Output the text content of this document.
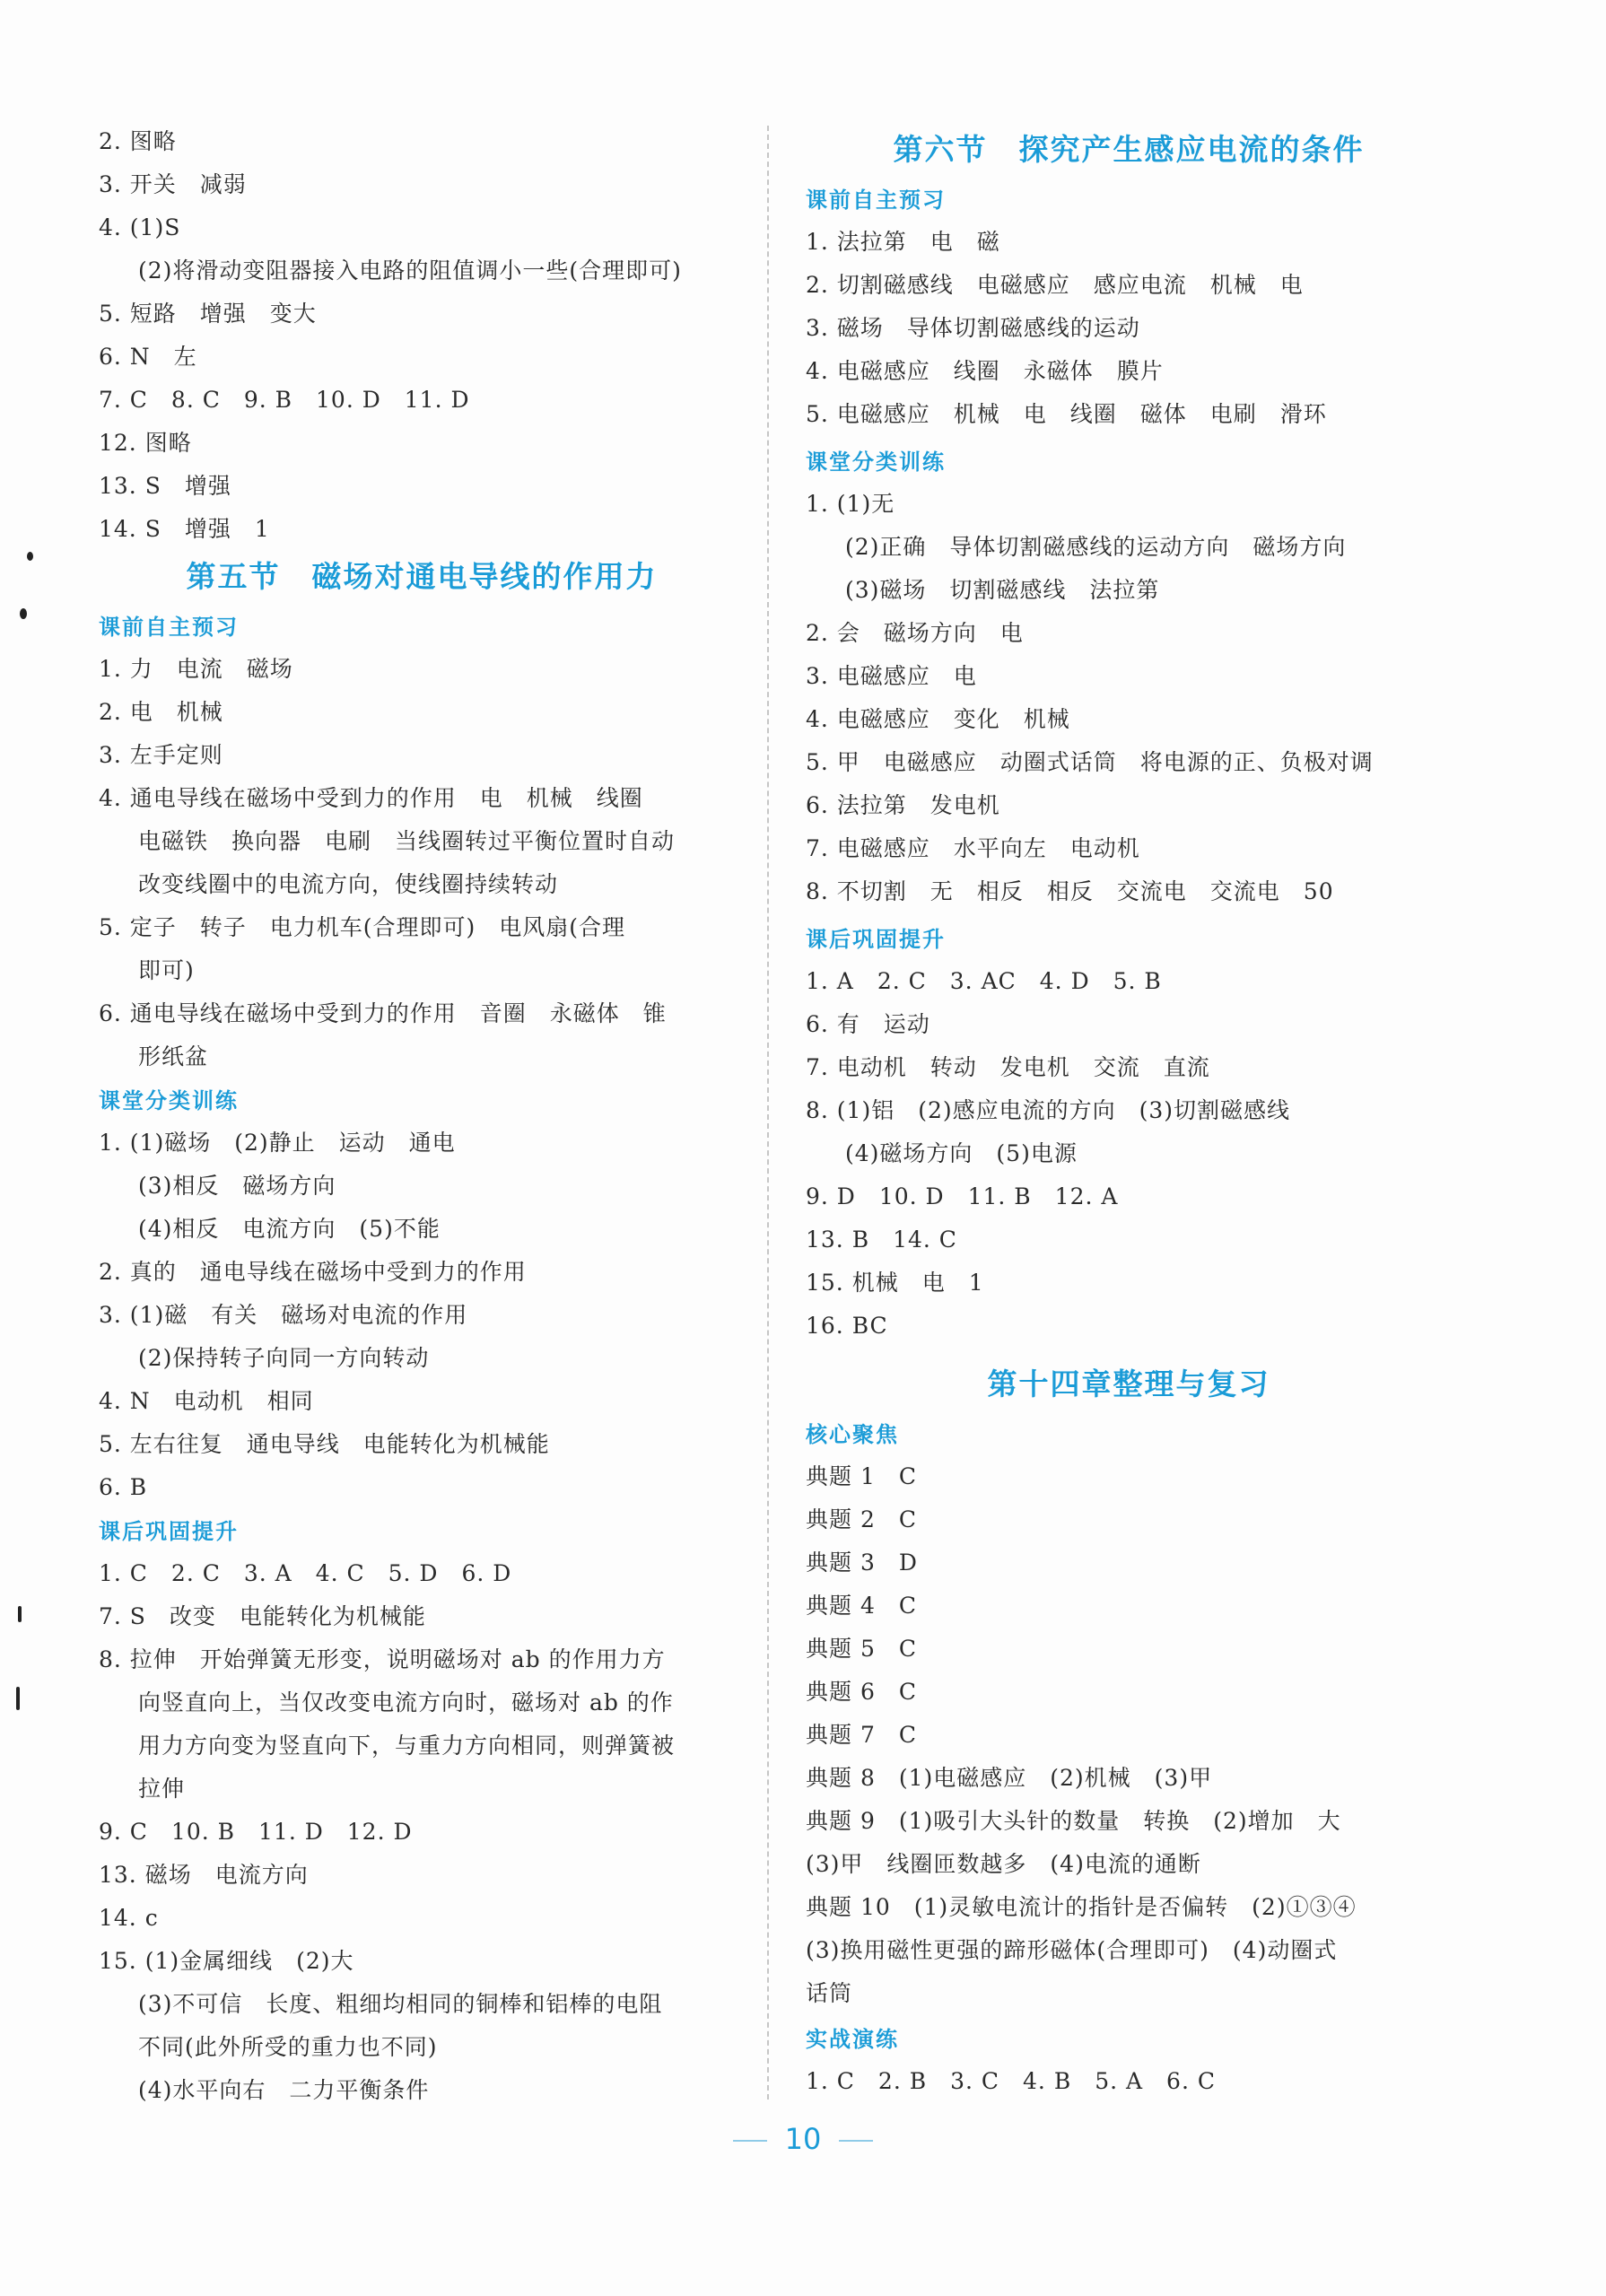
2. 图略
3. 开关　减弱
4. (1)S
(2)将滑动变阻器接入电路的阻值调小一些(合理即可)
5. 短路　增强　变大
6. N　左
7. C　8. C　9. B　10. D　11. D
12. 图略
13. S　增强
14. S　增强　1
第五节　磁场对通电导线的作用力
课前自主预习
1. 力　电流　磁场
2. 电　机械
3. 左手定则
4. 通电导线在磁场中受到力的作用　电　机械　线圈
电磁铁　换向器　电刷　当线圈转过平衡位置时自动
改变线圈中的电流方向，使线圈持续转动
5. 定子　转子　电力机车(合理即可)　电风扇(合理
即可)
6. 通电导线在磁场中受到力的作用　音圈　永磁体　锥
形纸盆
课堂分类训练
1. (1)磁场　(2)静止　运动　通电
(3)相反　磁场方向
(4)相反　电流方向　(5)不能
2. 真的　通电导线在磁场中受到力的作用
3. (1)磁　有关　磁场对电流的作用
(2)保持转子向同一方向转动
4. N　电动机　相同
5. 左右往复　通电导线　电能转化为机械能
6. B
课后巩固提升
1. C　2. C　3. A　4. C　5. D　6. D
7. S　改变　电能转化为机械能
8. 拉伸　开始弹簧无形变，说明磁场对 ab 的作用力方
向竖直向上，当仅改变电流方向时，磁场对 ab 的作
用力方向变为竖直向下，与重力方向相同，则弹簧被
拉伸
9. C　10. B　11. D　12. D
13. 磁场　电流方向
14. c
15. (1)金属细线　(2)大
(3)不可信　长度、粗细均相同的铜棒和铝棒的电阻
不同(此外所受的重力也不同)
(4)水平向右　二力平衡条件
第六节　探究产生感应电流的条件
课前自主预习
1. 法拉第　电　磁
2. 切割磁感线　电磁感应　感应电流　机械　电
3. 磁场　导体切割磁感线的运动
4. 电磁感应　线圈　永磁体　膜片
5. 电磁感应　机械　电　线圈　磁体　电刷　滑环
课堂分类训练
1. (1)无
(2)正确　导体切割磁感线的运动方向　磁场方向
(3)磁场　切割磁感线　法拉第
2. 会　磁场方向　电
3. 电磁感应　电
4. 电磁感应　变化　机械
5. 甲　电磁感应　动圈式话筒　将电源的正、负极对调
6. 法拉第　发电机
7. 电磁感应　水平向左　电动机
8. 不切割　无　相反　相反　交流电　交流电　50
课后巩固提升
1. A　2. C　3. AC　4. D　5. B
6. 有　运动
7. 电动机　转动　发电机　交流　直流
8. (1)铝　(2)感应电流的方向　(3)切割磁感线
(4)磁场方向　(5)电源
9. D　10. D　11. B　12. A
13. B　14. C
15. 机械　电　1
16. BC
第十四章整理与复习
核心聚焦
典题 1　C
典题 2　C
典题 3　D
典题 4　C
典题 5　C
典题 6　C
典题 7　C
典题 8　(1)电磁感应　(2)机械　(3)甲
典题 9　(1)吸引大头针的数量　转换　(2)增加　大
(3)甲　线圈匝数越多　(4)电流的通断
典题 10　(1)灵敏电流计的指针是否偏转　(2)①③④
(3)换用磁性更强的蹄形磁体(合理即可)　(4)动圈式
话筒
实战演练
1. C　2. B　3. C　4. B　5. A　6. C
10
